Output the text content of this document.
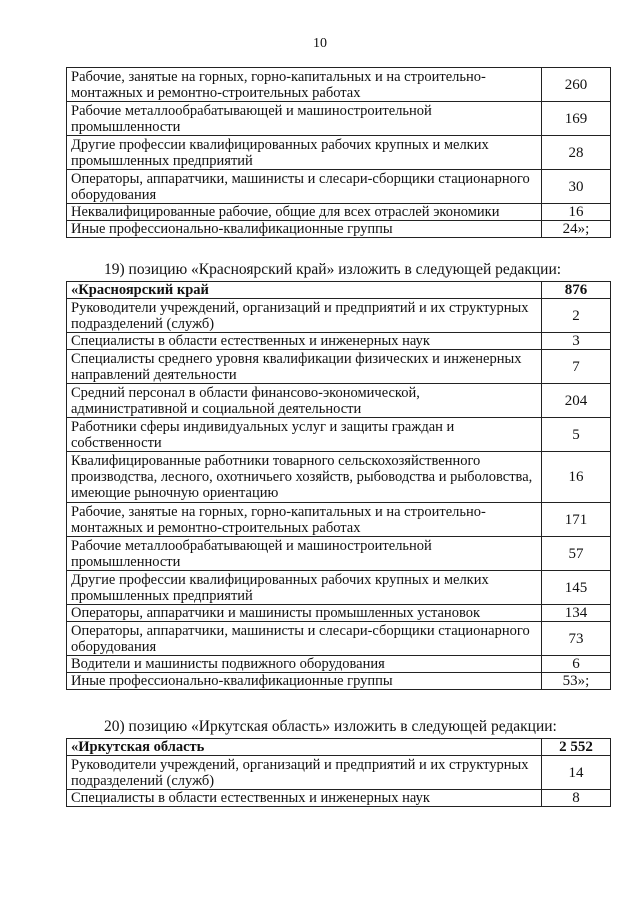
10
Рабочие, занятые на горных, горно-капитальных и на строительно-монтажных и ремонтно-строительных работах	260
Рабочие металлообрабатывающей и машиностроительной промышленности	169
Другие профессии квалифицированных рабочих крупных и мелких промышленных предприятий	28
Операторы, аппаратчики, машинисты и слесари-сборщики стационарного оборудования	30
Неквалифицированные рабочие, общие для всех отраслей экономики	16
Иные профессионально-квалификационные группы	24»;
19) позицию «Красноярский край» изложить в следующей редакции:
«Красноярский край	876
Руководители учреждений, организаций и предприятий и их структурных подразделений (служб)	2
Специалисты в области естественных и инженерных наук	3
Специалисты среднего уровня квалификации физических и инженерных направлений деятельности	7
Средний персонал в области финансово-экономической, административной и социальной деятельности	204
Работники сферы индивидуальных услуг и защиты граждан и собственности	5
Квалифицированные работники товарного сельскохозяйственного производства, лесного, охотничьего хозяйств, рыбоводства и рыболовства, имеющие рыночную ориентацию	16
Рабочие, занятые на горных, горно-капитальных и на строительно-монтажных и ремонтно-строительных работах	171
Рабочие металлообрабатывающей и машиностроительной промышленности	57
Другие профессии квалифицированных рабочих крупных и мелких промышленных предприятий	145
Операторы, аппаратчики и машинисты промышленных установок	134
Операторы, аппаратчики, машинисты и слесари-сборщики стационарного оборудования	73
Водители и машинисты подвижного оборудования	6
Иные профессионально-квалификационные группы	53»;
20) позицию «Иркутская область» изложить в следующей редакции:
«Иркутская область	2 552
Руководители учреждений, организаций и предприятий и их структурных подразделений (служб)	14
Специалисты в области естественных и инженерных наук	8
